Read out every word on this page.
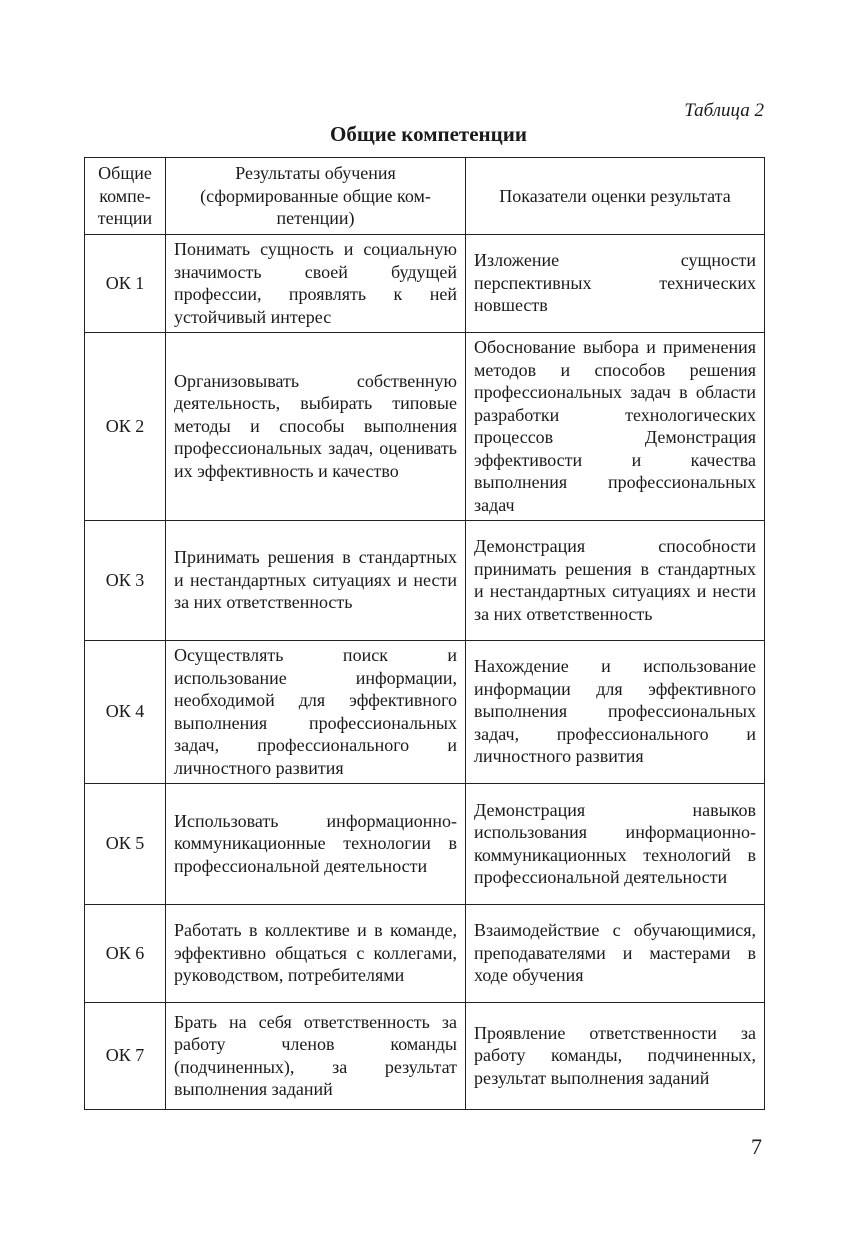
Таблица 2
Общие компетенции
Общие компе-тенции	Результаты обучения (сформированные общие ком-петенции)	Показатели оценки результата
ОК 1	Понимать сущность и социальную значимость своей будущей профессии, проявлять к ней устойчивый интерес	Изложение сущности перспективных технических новшеств
ОК 2	Организовывать собственную деятельность, выбирать типовые методы и способы выполнения профессиональных задач, оценивать их эффективность и качество	Обоснование выбора и применения методов и способов решения профессиональных задач в области разработки технологических процессов Демонстрация эффективости и качества выполнения профессиональных задач
ОК 3	Принимать решения в стандартных и нестандартных ситуациях и нести за них ответственность	Демонстрация способности принимать решения в стандартных и нестандартных ситуациях и нести за них ответственность
ОК 4	Осуществлять поиск и использование информации, необходимой для эффективного выполнения профессиональных задач, профессионального и личностного развития	Нахождение и использование информации для эффективного выполнения профессиональных задач, профессионального и личностного развития
ОК 5	Использовать информационно-коммуникационные технологии в профессиональной деятельности	Демонстрация навыков использования информационно-коммуникационных технологий в профессиональной деятельности
ОК 6	Работать в коллективе и в команде, эффективно общаться с коллегами, руководством, потребителями	Взаимодействие с обучающимися, преподавателями и мастерами в ходе обучения
ОК 7	Брать на себя ответственность за работу членов команды (подчиненных), за результат выполнения заданий	Проявление ответственности за работу команды, подчиненных, результат выполнения заданий
7
